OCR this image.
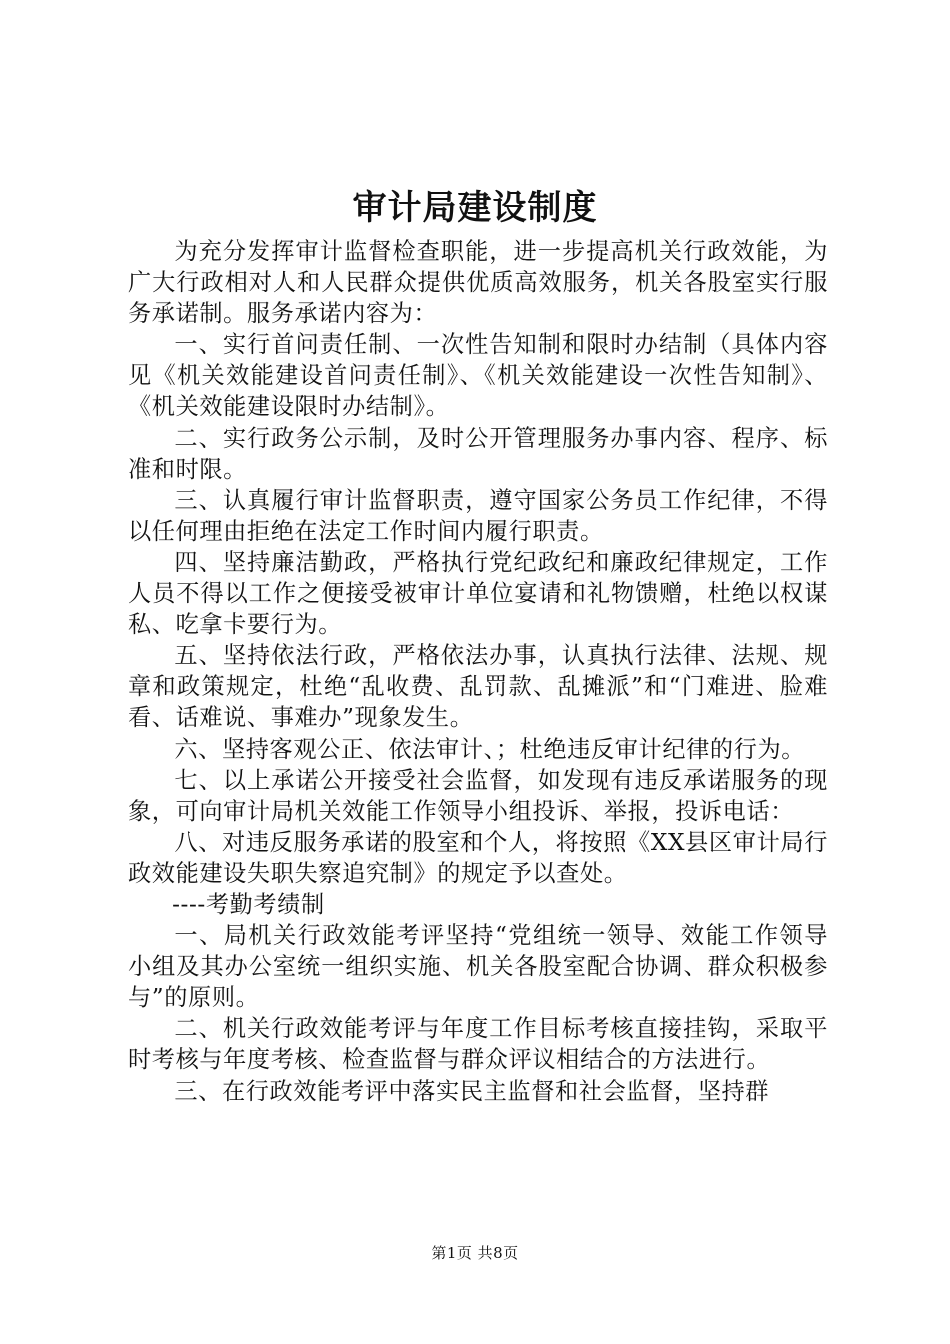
审计局建设制度

为充分发挥审计监督检查职能，进一步提高机关行政效能，为广大行政相对人和人民群众提供优质高效服务，机关各股室实行服务承诺制。服务承诺内容为：

一、实行首问责任制、一次性告知制和限时办结制（具体内容见《机关效能建设首问责任制》、《机关效能建设一次性告知制》、《机关效能建设限时办结制》。

二、实行政务公示制，及时公开管理服务办事内容、程序、标准和时限。

三、认真履行审计监督职责，遵守国家公务员工作纪律，不得以任何理由拒绝在法定工作时间内履行职责。

四、坚持廉洁勤政，严格执行党纪政纪和廉政纪律规定，工作人员不得以工作之便接受被审计单位宴请和礼物馈赠，杜绝以权谋私、吃拿卡要行为。

五、坚持依法行政，严格依法办事，认真执行法律、法规、规章和政策规定，杜绝“乱收费、乱罚款、乱摊派”和“门难进、脸难看、话难说、事难办”现象发生。

六、坚持客观公正、依法审计、；杜绝违反审计纪律的行为。

七、以上承诺公开接受社会监督，如发现有违反承诺服务的现象，可向审计局机关效能工作领导小组投诉、举报，投诉电话：

八、对违反服务承诺的股室和个人，将按照《XX县区审计局行政效能建设失职失察追究制》的规定予以查处。

----考勤考绩制

一、局机关行政效能考评坚持“党组统一领导、效能工作领导小组及其办公室统一组织实施、机关各股室配合协调、群众积极参与”的原则。

二、机关行政效能考评与年度工作目标考核直接挂钩，采取平时考核与年度考核、检查监督与群众评议相结合的方法进行。

三、在行政效能考评中落实民主监督和社会监督，坚持群

第1页 共8页
